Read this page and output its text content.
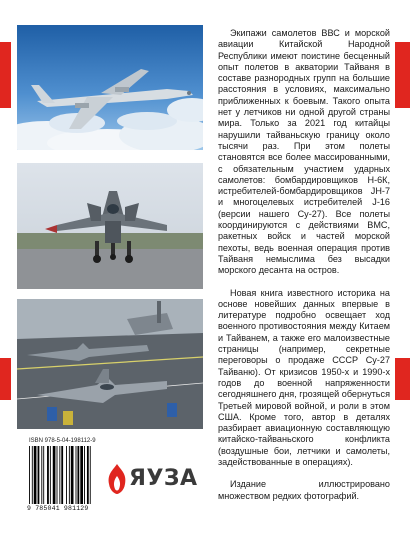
Экипажи самолетов ВВС и морской авиации Китайской Народной Республики имеют поистине бесценный опыт полетов в акватории Тайваня в составе разнородных групп на большие расстояния в условиях, максимально приближенных к боевым. Такого опыта нет у летчиков ни одной другой страны мира. Только за 2021 год китайцы нарушили тайваньскую границу около тысячи раз. При этом полеты становятся все более массированными, с обязательным участием ударных самолетов: бомбардировщиков Н-6К, истребителей-бомбардировщиков JH-7 и многоцелевых истребителей J-16 (версии нашего Су-27). Все полеты координируются с действиями ВМС, ракетных войск и частей морской пехоты, ведь военная операция против Тайваня немыслима без высадки морского десанта на остров.

Новая книга известного историка на основе новейших данных впервые в литературе подробно освещает ход военного противостояния между Китаем и Тайванем, а также его малоизвестные страницы (например, секретные переговоры о продаже СССР Су-27 Тайваню). От кризисов 1950-х и 1990-х годов до военной напряженности сегодняшнего дня, грозящей обернуться Третьей мировой войной, и роли в этом США. Кроме того, автор в деталях разбирает авиационную составляющую китайско-тайваньского конфликта (воздушные бои, летчики и самолеты, задействованные в операциях).

Издание иллюстрировано множеством редких фотографий.

ISBN 978-5-04-198112-9
9 785041 981129
ЯУЗА
